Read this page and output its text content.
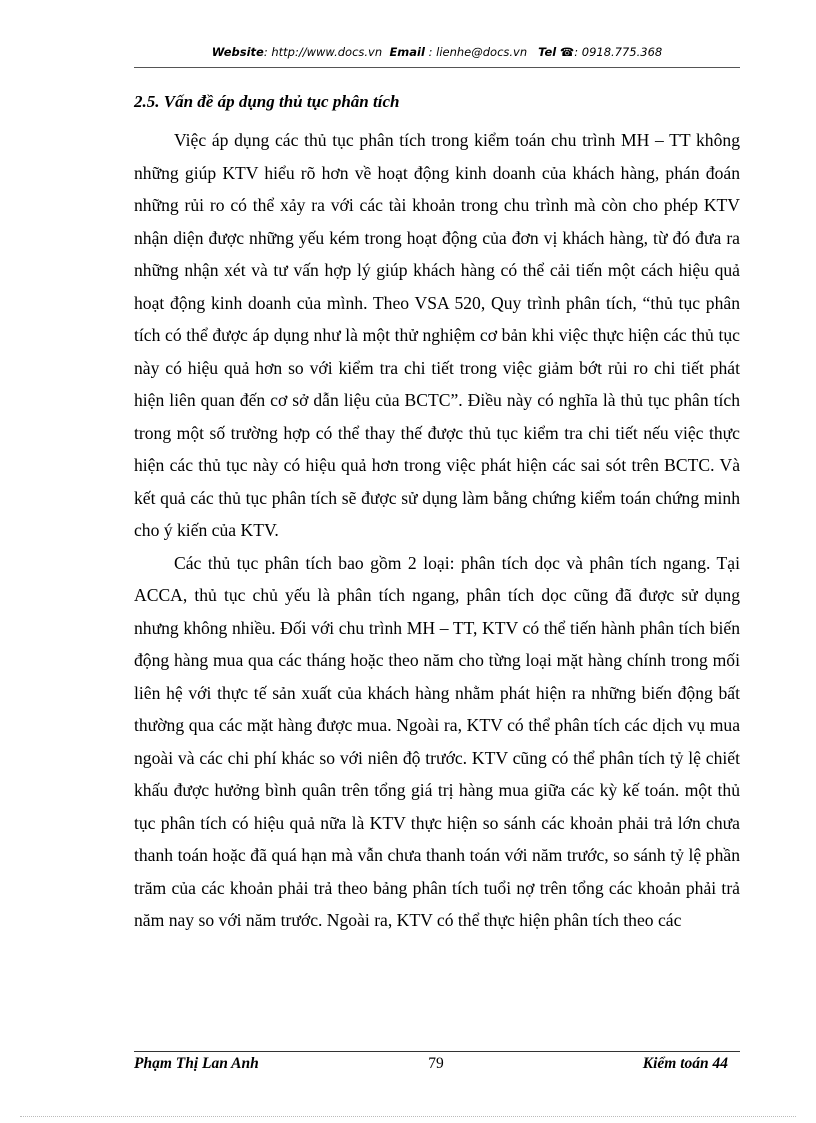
Website: http://www.docs.vn Email : lienhe@docs.vn Tel ☎: 0918.775.368
2.5. Vấn đề áp dụng thủ tục phân tích

Việc áp dụng các thủ tục phân tích trong kiểm toán chu trình MH – TT không những giúp KTV hiểu rõ hơn về hoạt động kinh doanh của khách hàng, phán đoán những rủi ro có thể xảy ra với các tài khoản trong chu trình mà còn cho phép KTV nhận diện được những yếu kém trong hoạt động của đơn vị khách hàng, từ đó đưa ra những nhận xét và tư vấn hợp lý giúp khách hàng có thể cải tiến một cách hiệu quả hoạt động kinh doanh của mình. Theo VSA 520, Quy trình phân tích, “thủ tục phân tích có thể được áp dụng như là một thử nghiệm cơ bản khi việc thực hiện các thủ tục này có hiệu quả hơn so với kiểm tra chi tiết trong việc giảm bớt rủi ro chi tiết phát hiện liên quan đến cơ sở dẫn liệu của BCTC”. Điều này có nghĩa là thủ tục phân tích trong một số trường hợp có thể thay thế được thủ tục kiểm tra chi tiết nếu việc thực hiện các thủ tục này có hiệu quả hơn trong việc phát hiện các sai sót trên BCTC. Và kết quả các thủ tục phân tích sẽ được sử dụng làm bằng chứng kiểm toán chứng minh cho ý kiến của KTV.

Các thủ tục phân tích bao gồm 2 loại: phân tích dọc và phân tích ngang. Tại ACCA, thủ tục chủ yếu là phân tích ngang, phân tích dọc cũng đã được sử dụng nhưng không nhiều. Đối với chu trình MH – TT, KTV có thể tiến hành phân tích biến động hàng mua qua các tháng hoặc theo năm cho từng loại mặt hàng chính trong mối liên hệ với thực tế sản xuất của khách hàng nhằm phát hiện ra những biến động bất thường qua các mặt hàng được mua. Ngoài ra, KTV có thể phân tích các dịch vụ mua ngoài và các chi phí khác so với niên độ trước. KTV cũng có thể phân tích tỷ lệ chiết khấu được hưởng bình quân trên tổng giá trị hàng mua giữa các kỳ kế toán. một thủ tục phân tích có hiệu quả nữa là KTV thực hiện so sánh các khoản phải trả lớn chưa thanh toán hoặc đã quá hạn mà vẫn chưa thanh toán với năm trước, so sánh tỷ lệ phần trăm của các khoản phải trả theo bảng phân tích tuổi nợ trên tổng các khoản phải trả năm nay so với năm trước. Ngoài ra, KTV có thể thực hiện phân tích theo các

Phạm Thị Lan Anh	79	Kiểm toán 44
